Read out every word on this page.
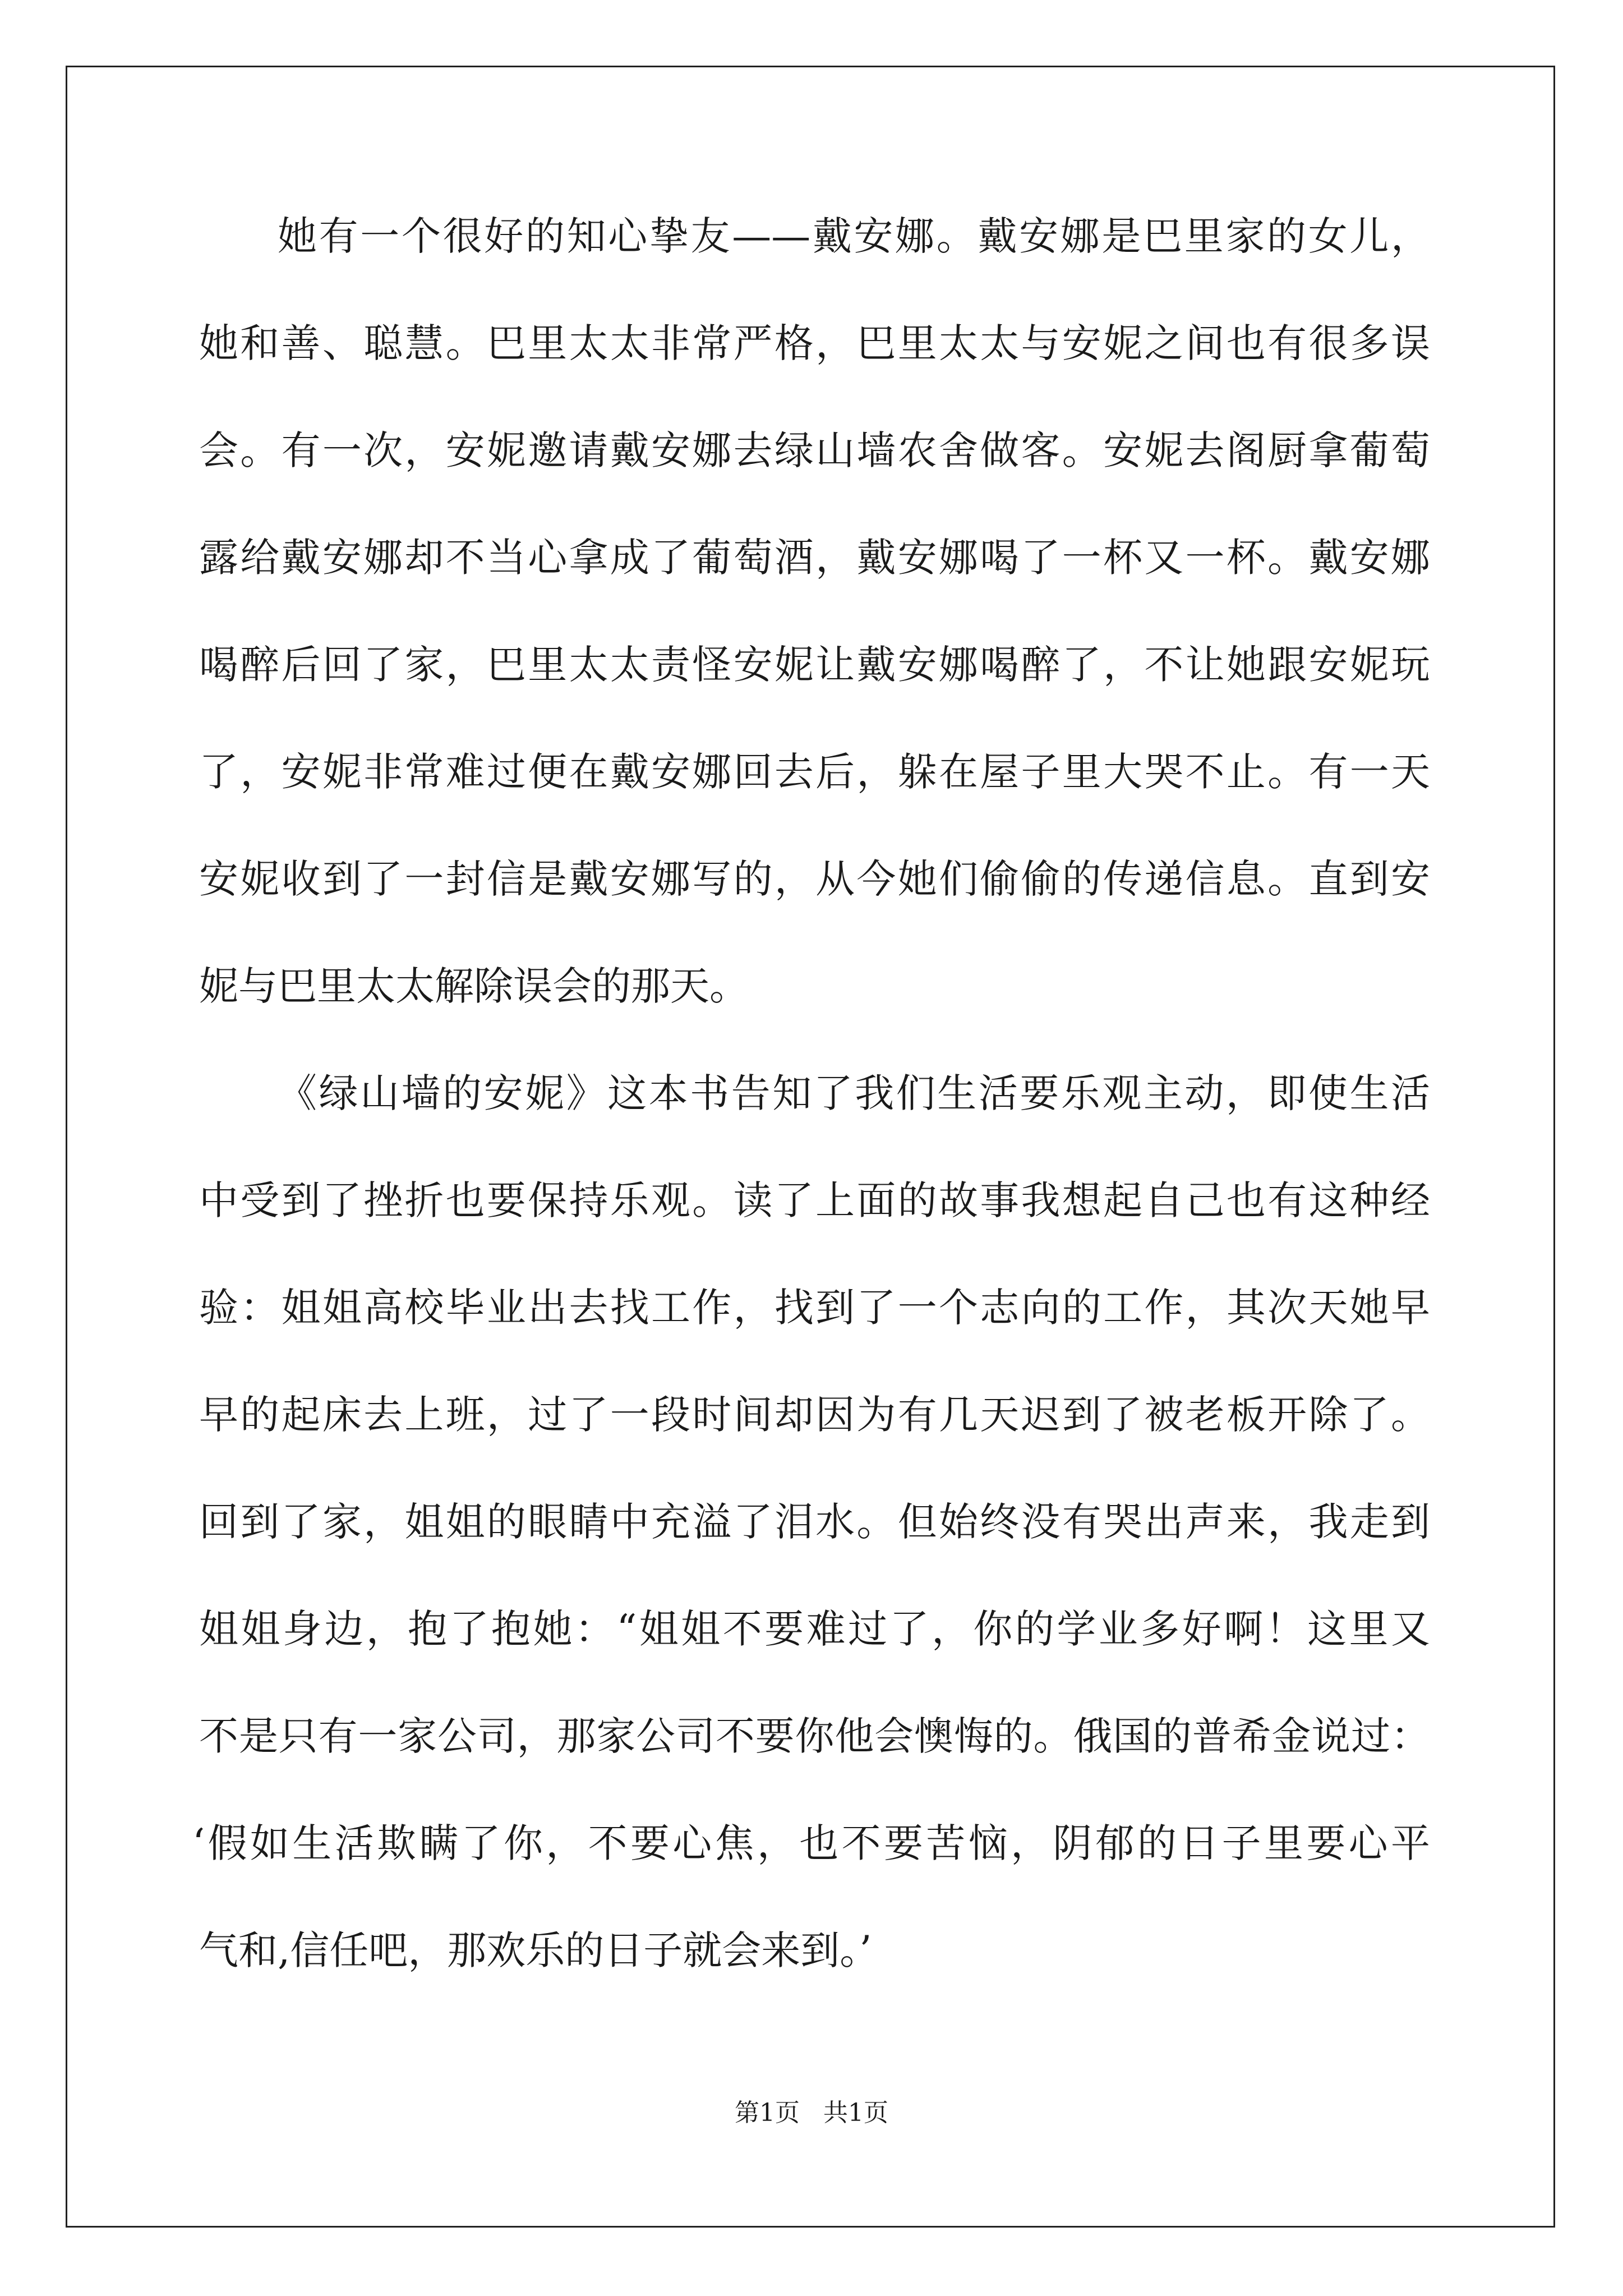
她有一个很好的知心挚友——戴安娜。戴安娜是巴里家的女儿，
她和善、聪慧。巴里太太非常严格，巴里太太与安妮之间也有很多误
会。有一次，安妮邀请戴安娜去绿山墙农舍做客。安妮去阁厨拿葡萄
露给戴安娜却不当心拿成了葡萄酒，戴安娜喝了一杯又一杯。戴安娜
喝醉后回了家，巴里太太责怪安妮让戴安娜喝醉了，不让她跟安妮玩
了，安妮非常难过便在戴安娜回去后，躲在屋子里大哭不止。有一天
安妮收到了一封信是戴安娜写的，从今她们偷偷的传递信息。直到安
妮与巴里太太解除误会的那天。
《绿山墙的安妮》这本书告知了我们生活要乐观主动，即使生活
中受到了挫折也要保持乐观。读了上面的故事我想起自己也有这种经
验：姐姐高校毕业出去找工作，找到了一个志向的工作，其次天她早
早的起床去上班，过了一段时间却因为有几天迟到了被老板开除了。
回到了家，姐姐的眼睛中充溢了泪水。但始终没有哭出声来，我走到
姐姐身边，抱了抱她：“姐姐不要难过了，你的学业多好啊！这里又
不是只有一家公司，那家公司不要你他会懊悔的。俄国的普希金说过：
‘假如生活欺瞒了你，不要心焦，也不要苦恼，阴郁的日子里要心平
气和,信任吧，那欢乐的日子就会来到。’
第1页   共1页
